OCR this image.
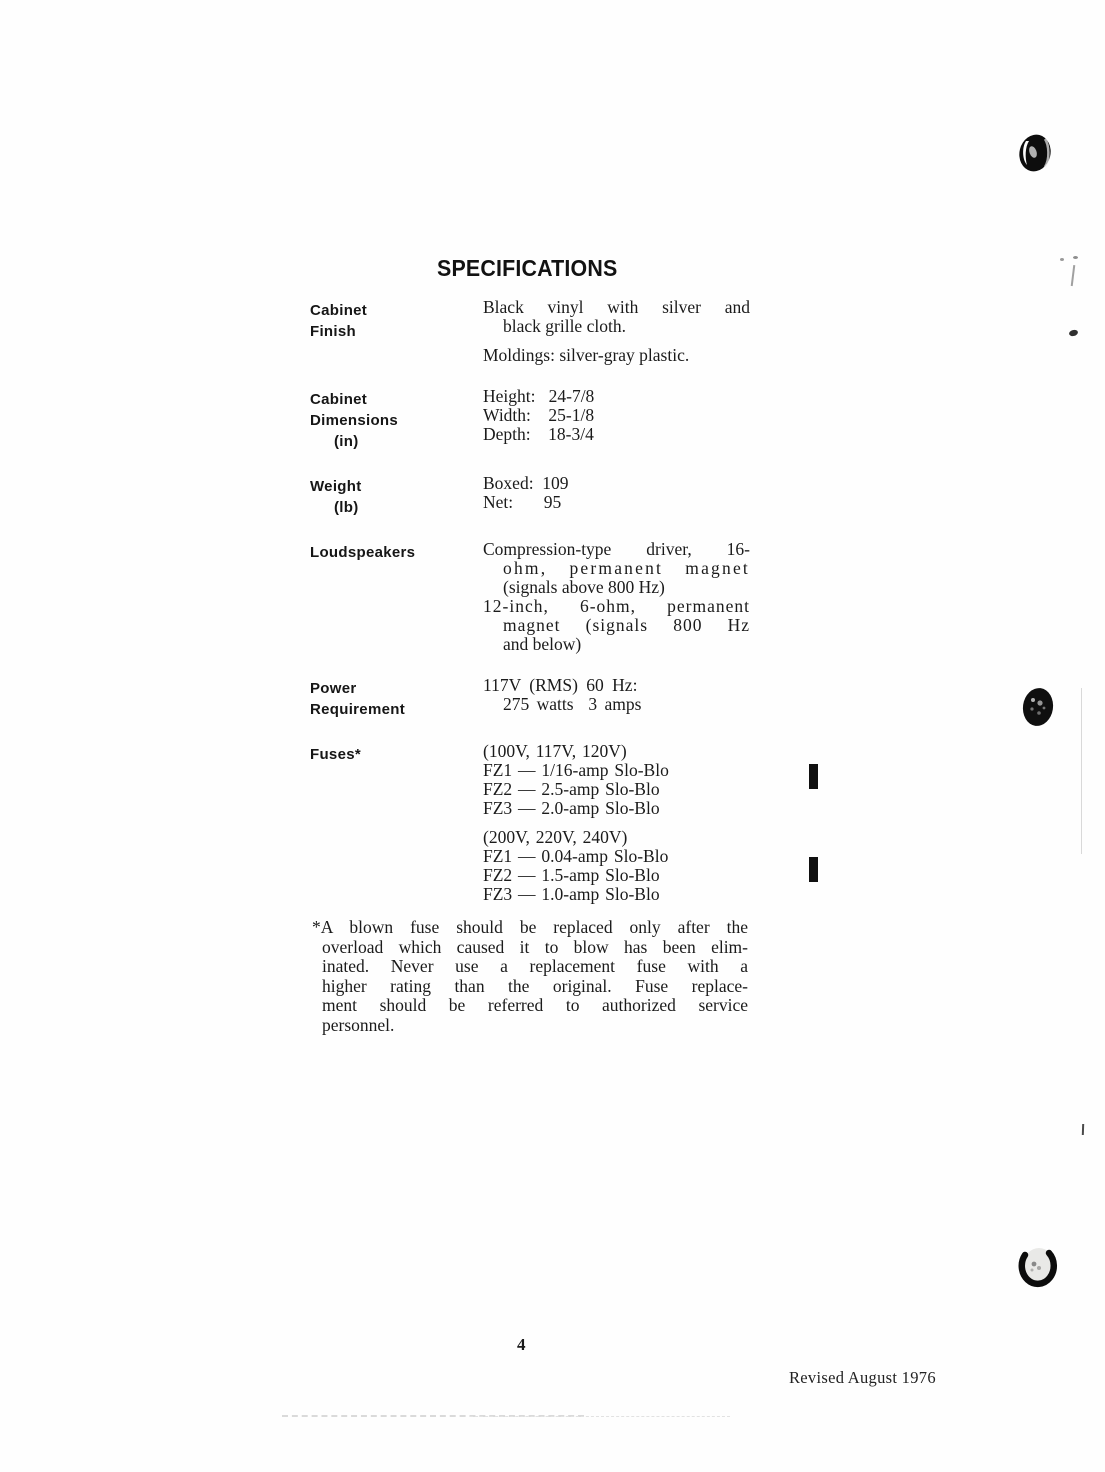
SPECIFICATIONS
Cabinet
Finish
Black vinyl with silver and
black grille cloth.
Moldings: silver-gray plastic.
Cabinet
Dimensions
(in)
Height:   24-7/8
Width:    25-1/8
Depth:    18-3/4
Weight
(lb)
Boxed:  109
Net:       95
Loudspeakers	Compression-type driver, 16-
ohm, permanent magnet
(signals above 800 Hz)
12-inch, 6-ohm, permanent
magnet (signals 800 Hz
and below)
Power
Requirement
117V (RMS) 60 Hz:
275 watts  3 amps
Fuses*	(100V, 117V, 120V)
FZ1 — 1/16-amp Slo-Blo
FZ2 — 2.5-amp Slo-Blo
FZ3 — 2.0-amp Slo-Blo
(200V, 220V, 240V)
FZ1 — 0.04-amp Slo-Blo
FZ2 — 1.5-amp Slo-Blo
FZ3 — 1.0-amp Slo-Blo
*A blown fuse should be replaced only after the
overload which caused it to blow has been elim-
inated. Never use a replacement fuse with a
higher rating than the original. Fuse replace-
ment should be referred to authorized service
personnel.
4
Revised August 1976
